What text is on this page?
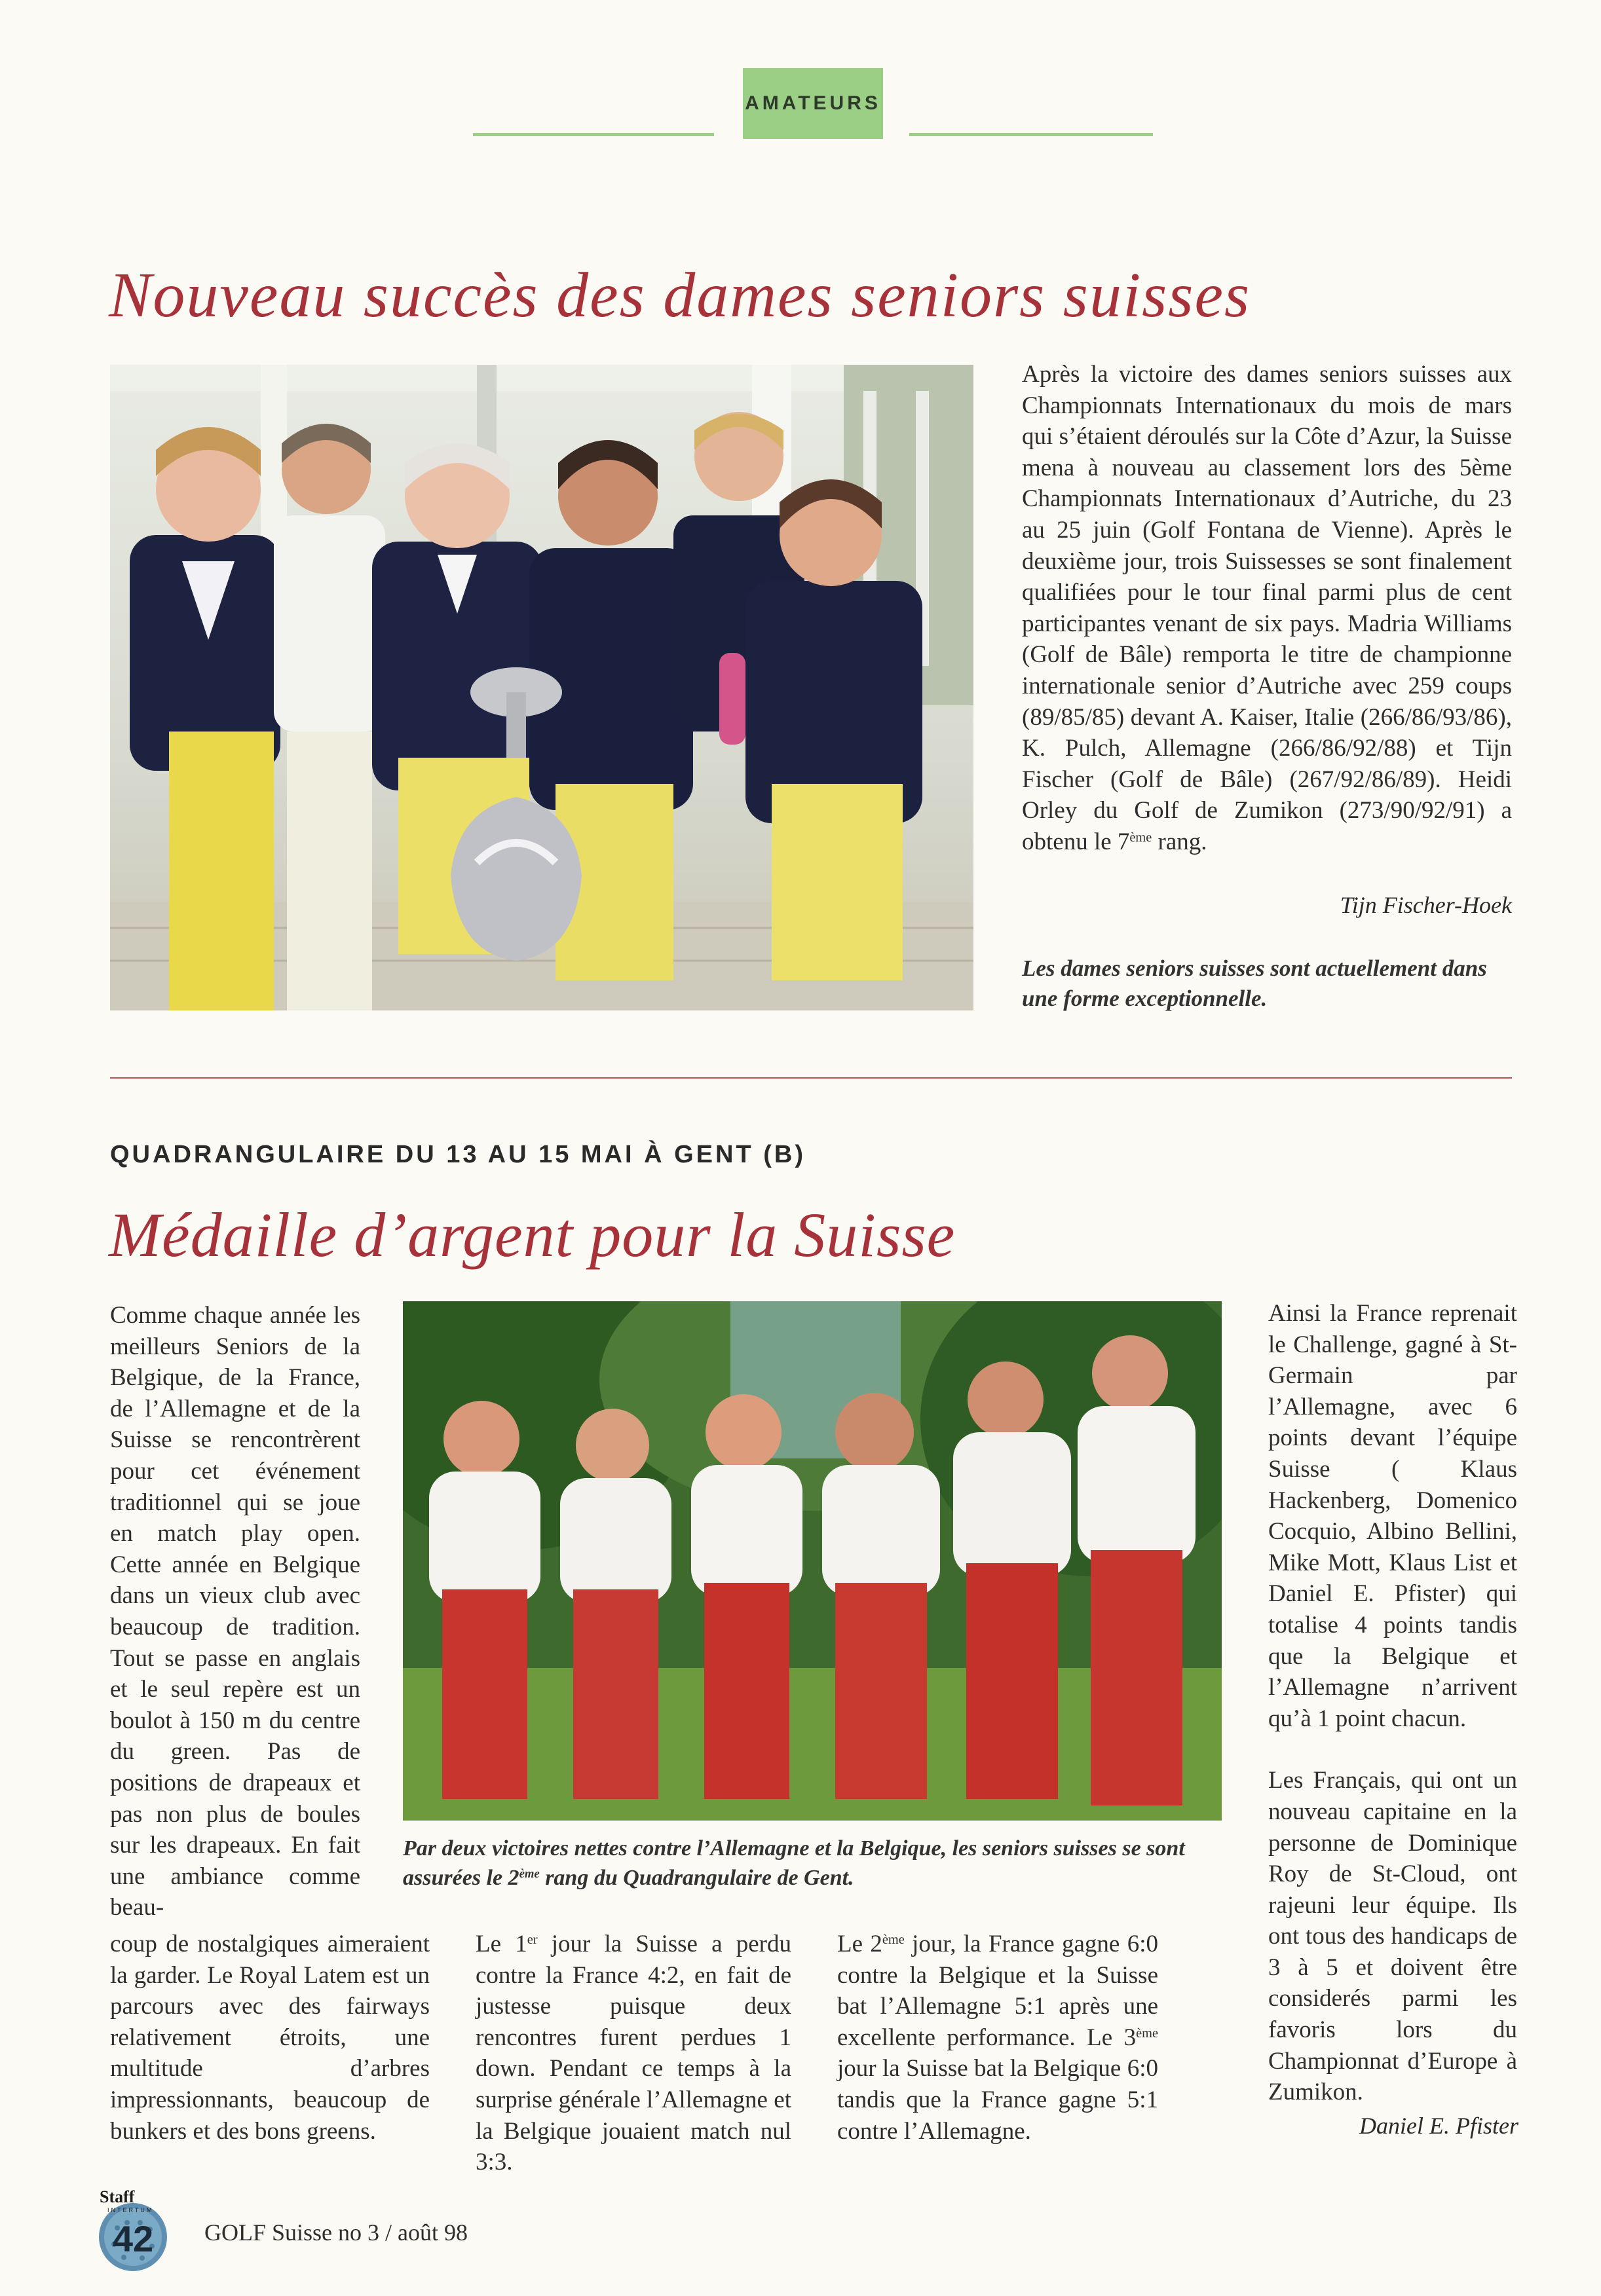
AMATEURS
Nouveau succès des dames seniors suisses

Après la victoire des dames seniors suisses aux Championnats Internationaux du mois de mars qui s’étaient déroulés sur la Côte d’Azur, la Suisse mena à nouveau au classement lors des 5ème Championnats Internationaux d’Autriche, du 23 au 25 juin (Golf Fontana de Vienne). Après le deuxième jour, trois Suissesses se sont finalement qualifiées pour le tour final parmi plus de cent participantes venant de six pays. Madria Williams (Golf de Bâle) remporta le titre de championne internationale senior d’Autriche avec 259 coups (89/85/85) devant A. Kaiser, Italie (266/86/93/86), K. Pulch, Allemagne (266/86/92/88) et Tijn Fischer (Golf de Bâle) (267/92/86/89). Heidi Orley du Golf de Zumikon (273/90/92/91) a obtenu le 7ème rang.

Tijn Fischer-Hoek
Les dames seniors suisses sont actuellement dans une forme exceptionnelle.
QUADRANGULAIRE DU 13 AU 15 MAI À GENT (B)
Médaille d’argent pour la Suisse
Comme chaque année les meilleurs Seniors de la Belgique, de la France, de l’Allemagne et de la Suisse se rencontrèrent pour cet événement traditionnel qui se joue en match play open. Cette année en Belgique dans un vieux club avec beaucoup de tradition. Tout se passe en anglais et le seul repère est un boulot à 150 m du centre du green. Pas de positions de drapeaux et pas non plus de boules sur les drapeaux. En fait une ambiance comme beau-
coup de nostalgiques aimeraient la garder. Le Royal Latem est un parcours avec des fairways relativement étroits, une multitude d’arbres impressionnants, beaucoup de bunkers et des bons greens.
Par deux victoires nettes contre l’Allemagne et la Belgique, les seniors suisses se sont assurées le 2ème rang du Quadrangulaire de Gent.
Le 1er jour la Suisse a perdu contre la France 4:2, en fait de justesse puisque deux rencontres furent perdues 1 down. Pendant ce temps à la surprise générale l’Allemagne et la Belgique jouaient match nul 3:3.
Le 2ème jour, la France gagne 6:0 contre la Belgique et la Suisse bat l’Allemagne 5:1 après une excellente performance. Le 3ème jour la Suisse bat la Belgique 6:0 tandis que la France gagne 5:1 contre l’Allemagne.

Ainsi la France reprenait le Challenge, gagné à St-Germain par l’Allemagne, avec 6 points devant l’équipe Suisse ( Klaus Hackenberg, Domenico Cocquio, Albino Bellini, Mike Mott, Klaus List et Daniel E. Pfister) qui totalise 4 points tandis que la Belgique et l’Allemagne n’arrivent qu’à 1 point chacun.

Les Français, qui ont un nouveau capitaine en la personne de Dominique Roy de St-Cloud, ont rajeuni leur équipe. Ils ont tous des handicaps de 3 à 5 et doivent être considerés parmi les favoris lors du Championnat d’Europe à Zumikon.

Daniel E. Pfister
Staff
INTERTUM
42	GOLF Suisse no 3 / août 98
